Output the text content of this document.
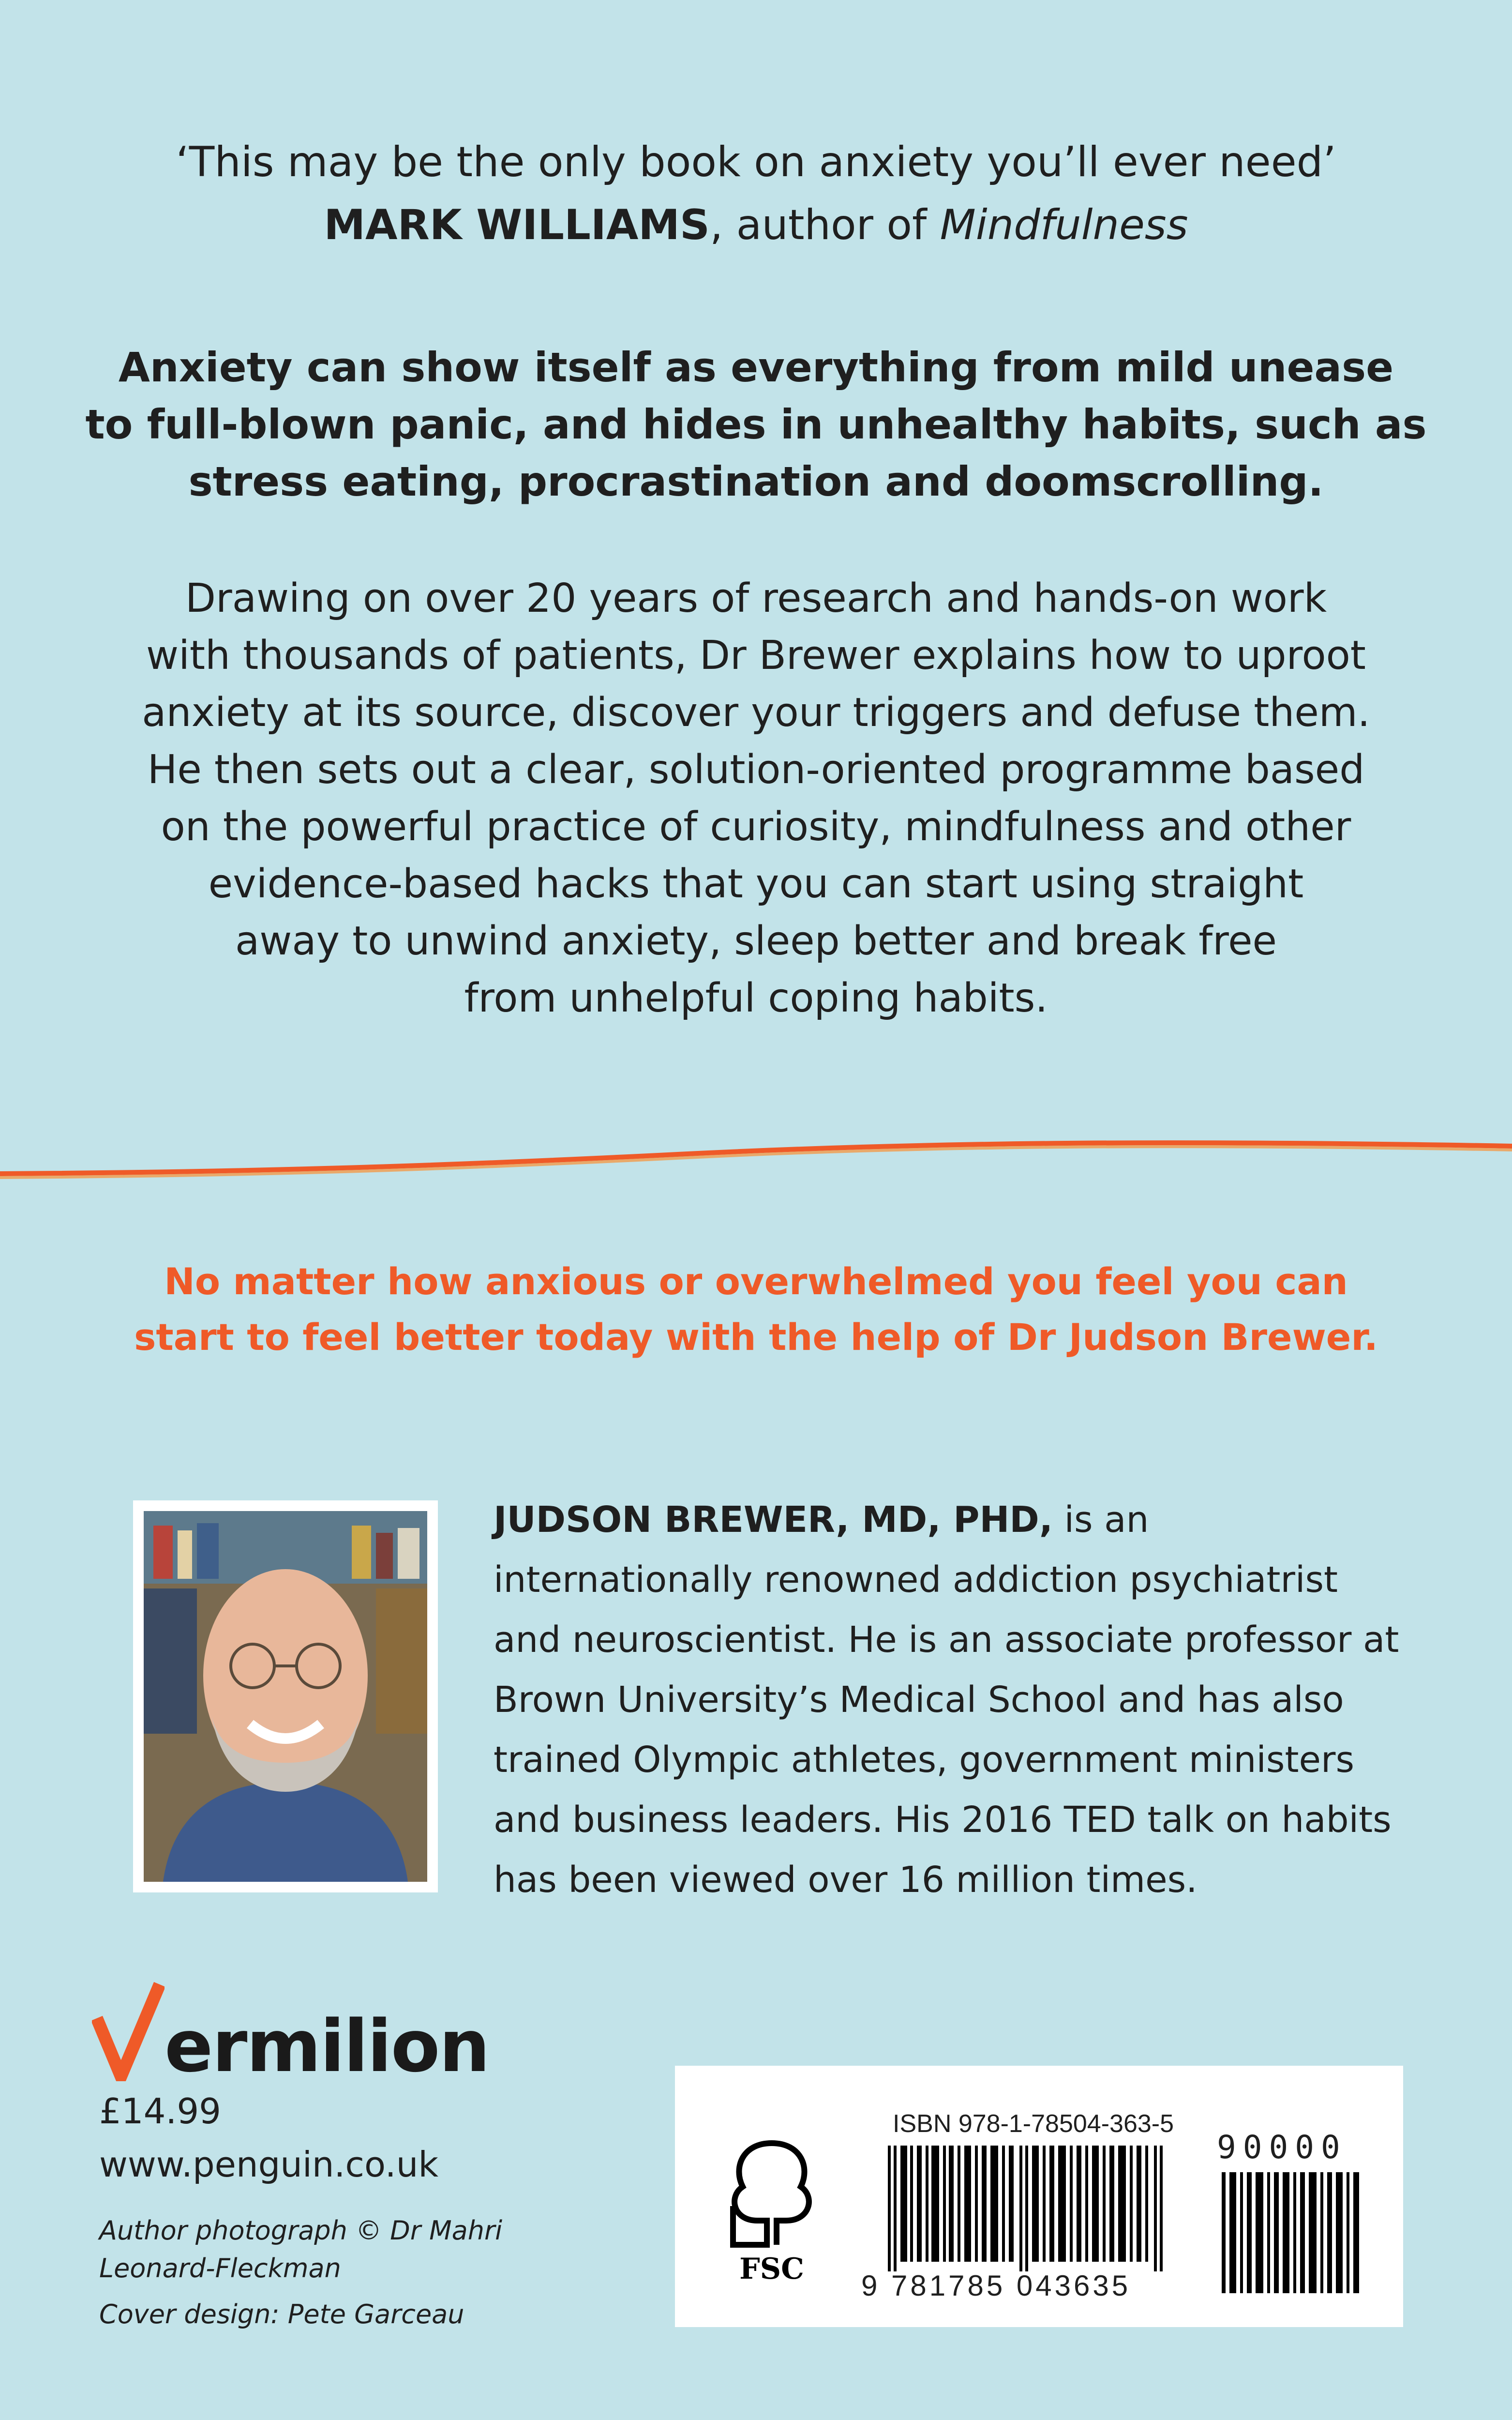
‘This may be the only book on anxiety you’ll ever need’
MARK WILLIAMS, author of Mindfulness
Anxiety can show itself as everything from mild unease
to full-blown panic, and hides in unhealthy habits, such as
stress eating, procrastination and doomscrolling.
Drawing on over 20 years of research and hands-on work
with thousands of patients, Dr Brewer explains how to uproot
anxiety at its source, discover your triggers and defuse them.
He then sets out a clear, solution-oriented programme based
on the powerful practice of curiosity, mindfulness and other
evidence-based hacks that you can start using straight
away to unwind anxiety, sleep better and break free
from unhelpful coping habits.
No matter how anxious or overwhelmed you feel you can
start to feel better today with the help of Dr Judson Brewer.
JUDSON BREWER, MD, PHD, is an internationally renowned addiction psychiatrist and neuroscientist. He is an associate professor at Brown University’s Medical School and has also trained Olympic athletes, government ministers and business leaders. His 2016 TED talk on habits has been viewed over 16 million times.
ermilion
£14.99
www.penguin.co.uk
Author photograph © Dr Mahri Leonard-Fleckman
Cover design: Pete Garceau
FSC
ISBN 978-1-78504-363-5
9 781785 043635
90000
